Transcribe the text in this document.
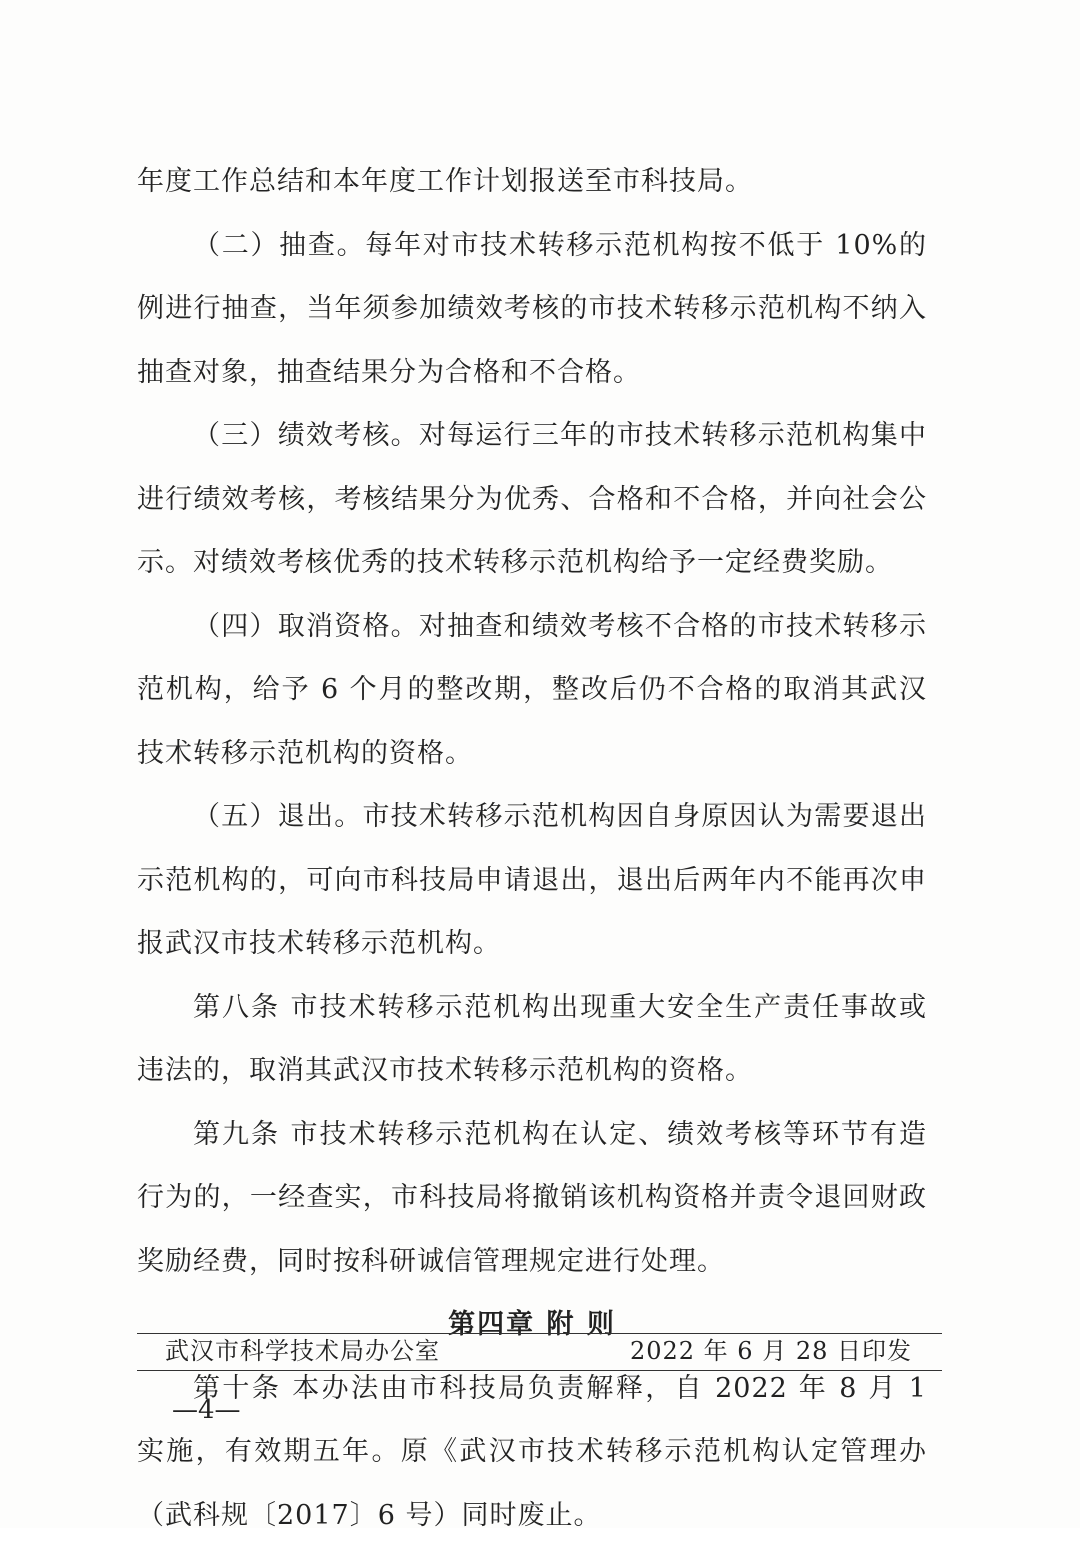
年度工作总结和本年度工作计划报送至市科技局。
（二）抽查。每年对市技术转移示范机构按不低于 10%的
例进行抽查，当年须参加绩效考核的市技术转移示范机构不纳入
抽查对象，抽查结果分为合格和不合格。
（三）绩效考核。对每运行三年的市技术转移示范机构集中
进行绩效考核，考核结果分为优秀、合格和不合格，并向社会公
示。对绩效考核优秀的技术转移示范机构给予一定经费奖励。
（四）取消资格。对抽查和绩效考核不合格的市技术转移示
范机构，给予 6 个月的整改期，整改后仍不合格的取消其武汉
技术转移示范机构的资格。
（五）退出。市技术转移示范机构因自身原因认为需要退出
示范机构的，可向市科技局申请退出，退出后两年内不能再次申
报武汉市技术转移示范机构。
第八条 市技术转移示范机构出现重大安全生产责任事故或
违法的，取消其武汉市技术转移示范机构的资格。
第九条 市技术转移示范机构在认定、绩效考核等环节有造
行为的，一经查实，市科技局将撤销该机构资格并责令退回财政
奖励经费，同时按科研诚信管理规定进行处理。
第四章 附 则
第十条 本办法由市科技局负责解释，自 2022 年 8 月 1
实施，有效期五年。原《武汉市技术转移示范机构认定管理办
（武科规〔2017〕6 号）同时废止。
武汉市科学技术局办公室	2022 年 6 月 28 日印发
—4—
